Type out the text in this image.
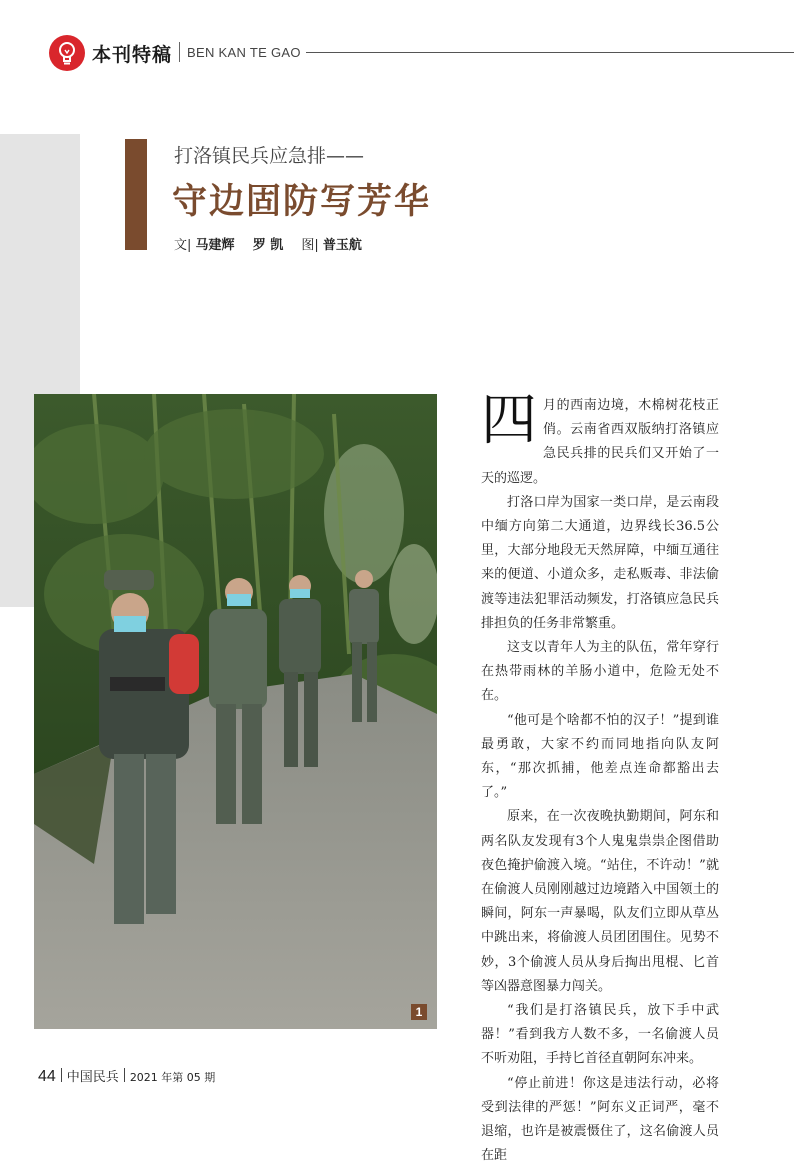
本刊特稿 BEN KAN TE GAO
打洛镇民兵应急排——
守边固防写芳华
文| 马建辉 罗 凯 图| 普玉航
1

四月的西南边境，木棉树花枝正俏。云南省西双版纳打洛镇应急民兵排的民兵们又开始了一天的巡逻。

打洛口岸为国家一类口岸，是云南段中缅方向第二大通道，边界线长36.5公里，大部分地段无天然屏障，中缅互通往来的便道、小道众多，走私贩毒、非法偷渡等违法犯罪活动频发，打洛镇应急民兵排担负的任务非常繁重。

这支以青年人为主的队伍，常年穿行在热带雨林的羊肠小道中，危险无处不在。

“他可是个啥都不怕的汉子！”提到谁最勇敢，大家不约而同地指向队友阿东，“那次抓捕，他差点连命都豁出去了。”

原来，在一次夜晚执勤期间，阿东和两名队友发现有3个人鬼鬼祟祟企图借助夜色掩护偷渡入境。“站住，不许动！”就在偷渡人员刚刚越过边境踏入中国领土的瞬间，阿东一声暴喝，队友们立即从草丛中跳出来，将偷渡人员团团围住。见势不妙，3个偷渡人员从身后掏出甩棍、匕首等凶器意图暴力闯关。

“我们是打洛镇民兵，放下手中武器！”看到我方人数不多，一名偷渡人员不听劝阻，手持匕首径直朝阿东冲来。

“停止前进！你这是违法行动，必将受到法律的严惩！”阿东义正词严，毫不退缩，也许是被震慑住了，这名偷渡人员在距

44 中国民兵 2021 年第 05 期
